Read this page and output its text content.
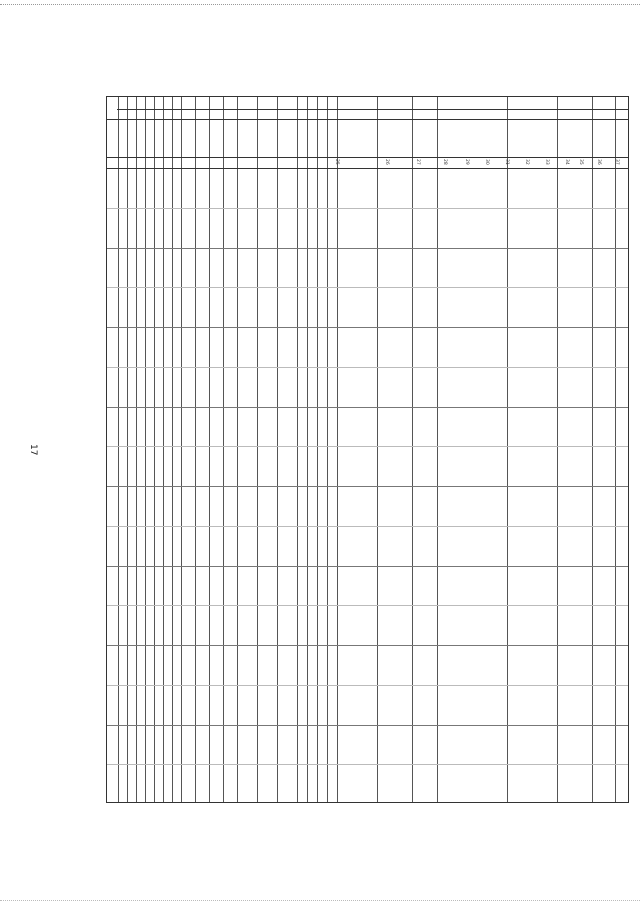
17
25	26	27	28	29	30	31	32	33	34 35	36	37
